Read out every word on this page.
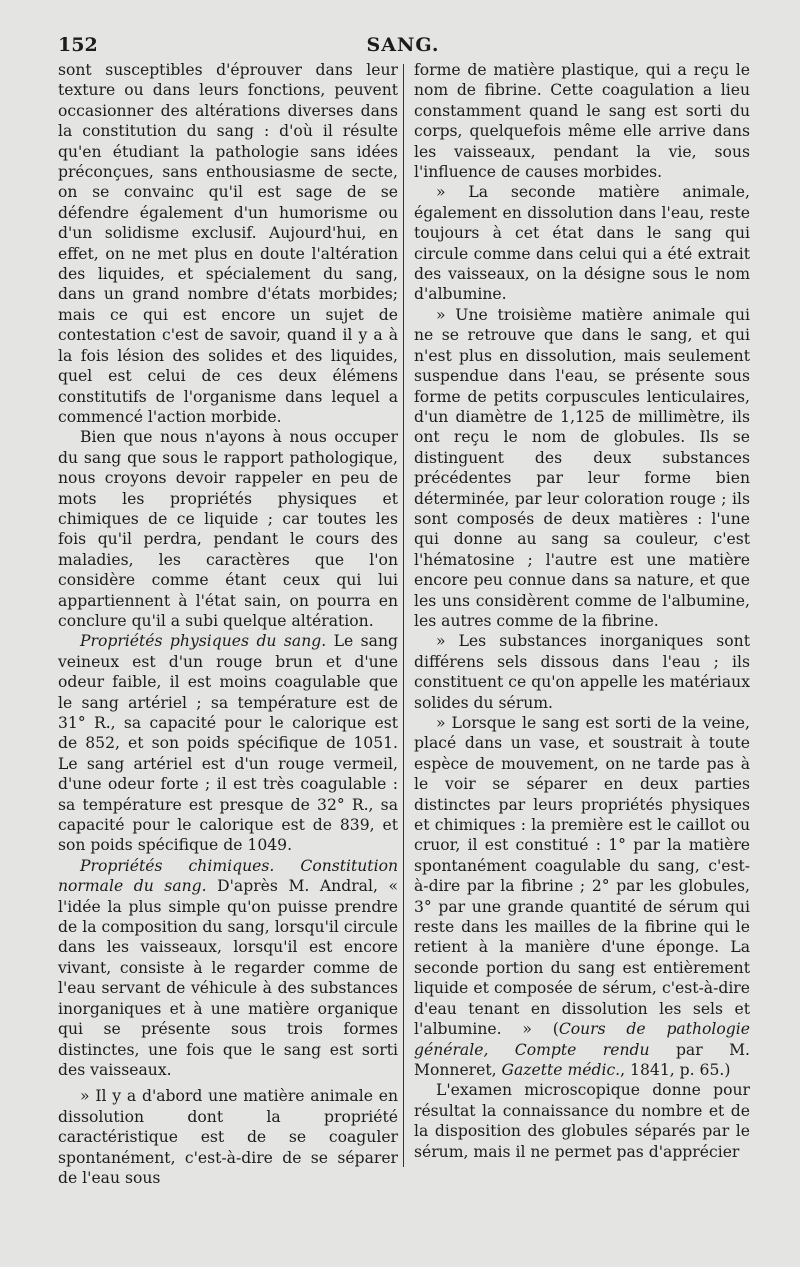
152	SANG.

sont susceptibles d'éprouver dans leur texture ou dans leurs fonctions, peuvent occasionner des altérations diverses dans la constitution du sang : d'où il résulte qu'en étudiant la pathologie sans idées préconçues, sans enthousiasme de secte, on se convainc qu'il est sage de se défendre également d'un humorisme ou d'un solidisme exclusif. Aujourd'hui, en effet, on ne met plus en doute l'altération des liquides, et spécialement du sang, dans un grand nombre d'états morbides; mais ce qui est encore un sujet de contestation c'est de savoir, quand il y a à la fois lésion des solides et des liquides, quel est celui de ces deux élémens constitutifs de l'organisme dans lequel a commencé l'action morbide.

Bien que nous n'ayons à nous occuper du sang que sous le rapport pathologique, nous croyons devoir rappeler en peu de mots les propriétés physiques et chimiques de ce liquide ; car toutes les fois qu'il perdra, pendant le cours des maladies, les caractères que l'on considère comme étant ceux qui lui appartiennent à l'état sain, on pourra en conclure qu'il a subi quelque altération.

Propriétés physiques du sang. Le sang veineux est d'un rouge brun et d'une odeur faible, il est moins coagulable que le sang artériel ; sa température est de 31° R., sa capacité pour le calorique est de 852, et son poids spécifique de 1051. Le sang artériel est d'un rouge vermeil, d'une odeur forte ; il est très coagulable : sa température est presque de 32° R., sa capacité pour le calorique est de 839, et son poids spécifique de 1049.

Propriétés chimiques. Constitution normale du sang. D'après M. Andral, « l'idée la plus simple qu'on puisse prendre de la composition du sang, lorsqu'il circule dans les vaisseaux, lorsqu'il est encore vivant, consiste à le regarder comme de l'eau servant de véhicule à des substances inorganiques et à une matière organique qui se présente sous trois formes distinctes, une fois que le sang est sorti des vaisseaux.

» Il y a d'abord une matière animale en dissolution dont la propriété caractéristique est de se coaguler spontanément, c'est-à-dire de se séparer de l'eau sous

forme de matière plastique, qui a reçu le nom de fibrine. Cette coagulation a lieu constamment quand le sang est sorti du corps, quelquefois même elle arrive dans les vaisseaux, pendant la vie, sous l'influence de causes morbides.

» La seconde matière animale, également en dissolution dans l'eau, reste toujours à cet état dans le sang qui circule comme dans celui qui a été extrait des vaisseaux, on la désigne sous le nom d'albumine.

» Une troisième matière animale qui ne se retrouve que dans le sang, et qui n'est plus en dissolution, mais seulement suspendue dans l'eau, se présente sous forme de petits corpuscules lenticulaires, d'un diamètre de 1,125 de millimètre, ils ont reçu le nom de globules. Ils se distinguent des deux substances précédentes par leur forme bien déterminée, par leur coloration rouge ; ils sont composés de deux matières : l'une qui donne au sang sa couleur, c'est l'hématosine ; l'autre est une matière encore peu connue dans sa nature, et que les uns considèrent comme de l'albumine, les autres comme de la fibrine.

» Les substances inorganiques sont différens sels dissous dans l'eau ; ils constituent ce qu'on appelle les matériaux solides du sérum.

» Lorsque le sang est sorti de la veine, placé dans un vase, et soustrait à toute espèce de mouvement, on ne tarde pas à le voir se séparer en deux parties distinctes par leurs propriétés physiques et chimiques : la première est le caillot ou cruor, il est constitué : 1° par la matière spontanément coagulable du sang, c'est-à-dire par la fibrine ; 2° par les globules, 3° par une grande quantité de sérum qui reste dans les mailles de la fibrine qui le retient à la manière d'une éponge. La seconde portion du sang est entièrement liquide et composée de sérum, c'est-à-dire d'eau tenant en dissolution les sels et l'albumine. » (Cours de pathologie générale, Compte rendu par M. Monneret, Gazette médic., 1841, p. 65.)

L'examen microscopique donne pour résultat la connaissance du nombre et de la disposition des globules séparés par le sérum, mais il ne permet pas d'apprécier
